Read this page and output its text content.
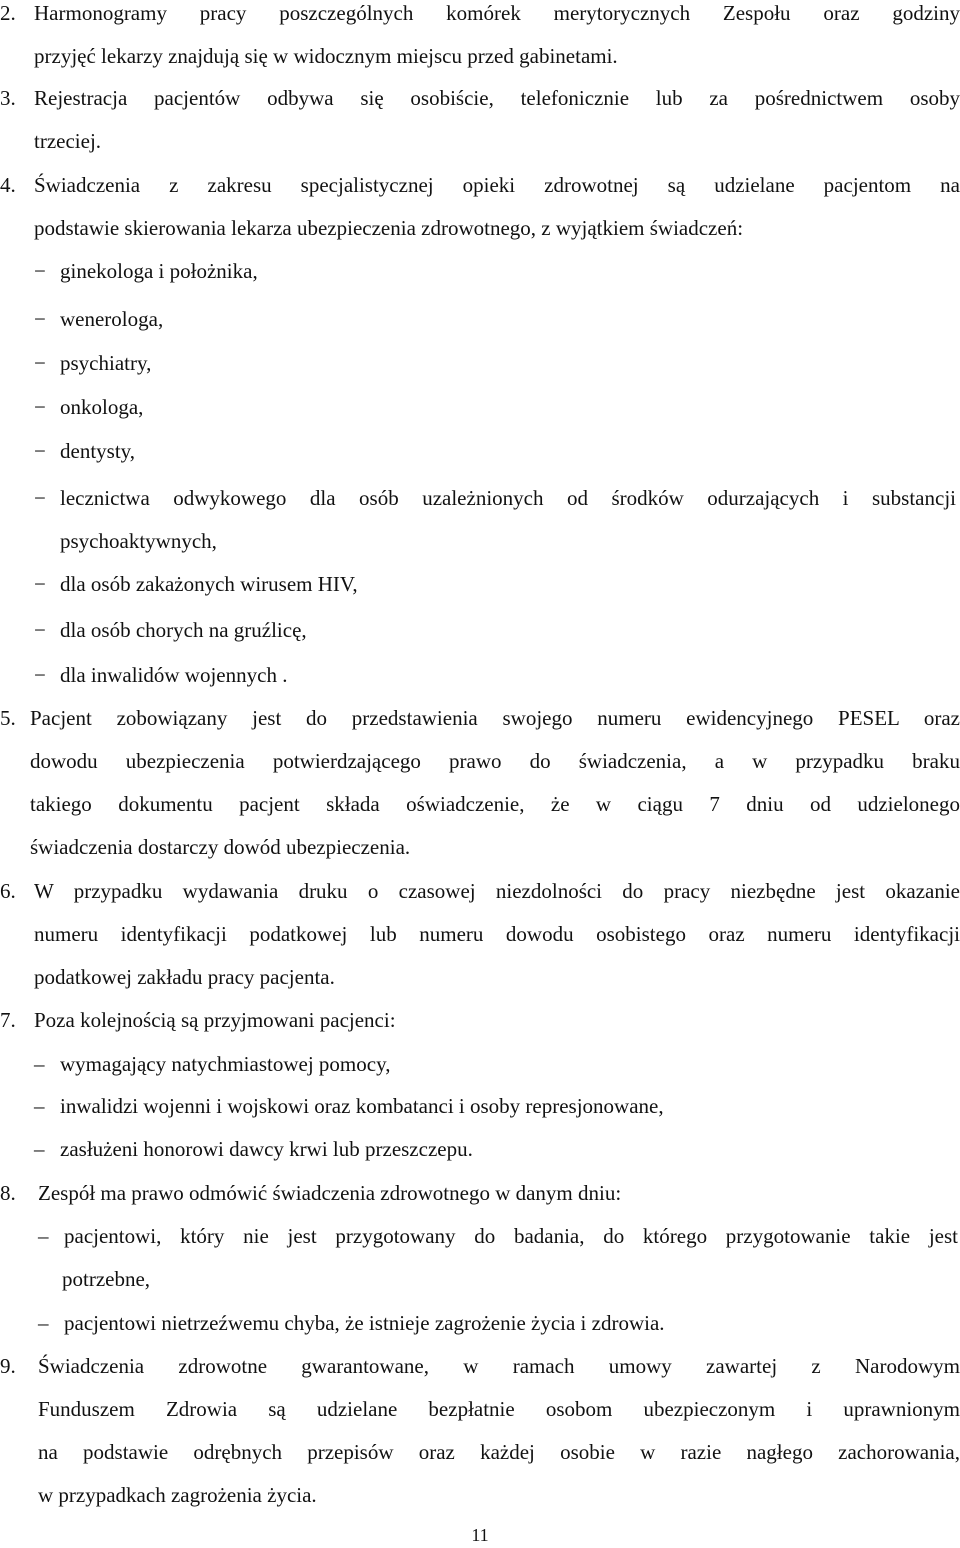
2. Harmonogramy pracy poszczególnych komórek merytorycznych Zespołu oraz godziny
przyjęć lekarzy znajdują się w widocznym miejscu przed gabinetami.
3. Rejestracja pacjentów odbywa się osobiście, telefonicznie lub za pośrednictwem osoby
trzeciej.
4. Świadczenia z zakresu specjalistycznej opieki zdrowotnej są udzielane pacjentom na
podstawie skierowania lekarza ubezpieczenia zdrowotnego, z wyjątkiem świadczeń:
− ginekologa i położnika,
− wenerologa,
− psychiatry,
− onkologa,
− dentysty,
− lecznictwa odwykowego dla osób uzależnionych od środków odurzających i substancji
psychoaktywnych,
− dla osób zakażonych wirusem HIV,
− dla osób chorych na gruźlicę,
− dla inwalidów wojennych .
5. Pacjent zobowiązany jest do przedstawienia swojego numeru ewidencyjnego PESEL oraz
dowodu ubezpieczenia potwierdzającego prawo do świadczenia, a w przypadku braku
takiego dokumentu pacjent składa oświadczenie, że w ciągu 7 dniu od udzielonego
świadczenia dostarczy dowód ubezpieczenia.
6. W przypadku wydawania druku o czasowej niezdolności do pracy niezbędne jest okazanie
numeru identyfikacji podatkowej lub numeru dowodu osobistego oraz numeru identyfikacji
podatkowej zakładu pracy pacjenta.
7. Poza kolejnością są przyjmowani pacjenci:
– wymagający natychmiastowej pomocy,
– inwalidzi wojenni i wojskowi oraz kombatanci i osoby represjonowane,
– zasłużeni honorowi dawcy krwi lub przeszczepu.
8. Zespół ma prawo odmówić świadczenia zdrowotnego w danym dniu:
– pacjentowi, który nie jest przygotowany do badania, do którego przygotowanie takie jest
potrzebne,
– pacjentowi nietrzeźwemu chyba, że istnieje zagrożenie życia i zdrowia.
9. Świadczenia zdrowotne gwarantowane, w ramach umowy zawartej z Narodowym
Funduszem Zdrowia są udzielane bezpłatnie osobom ubezpieczonym i uprawnionym
na podstawie odrębnych przepisów oraz każdej osobie w razie nagłego zachorowania,
w przypadkach zagrożenia życia.
11
